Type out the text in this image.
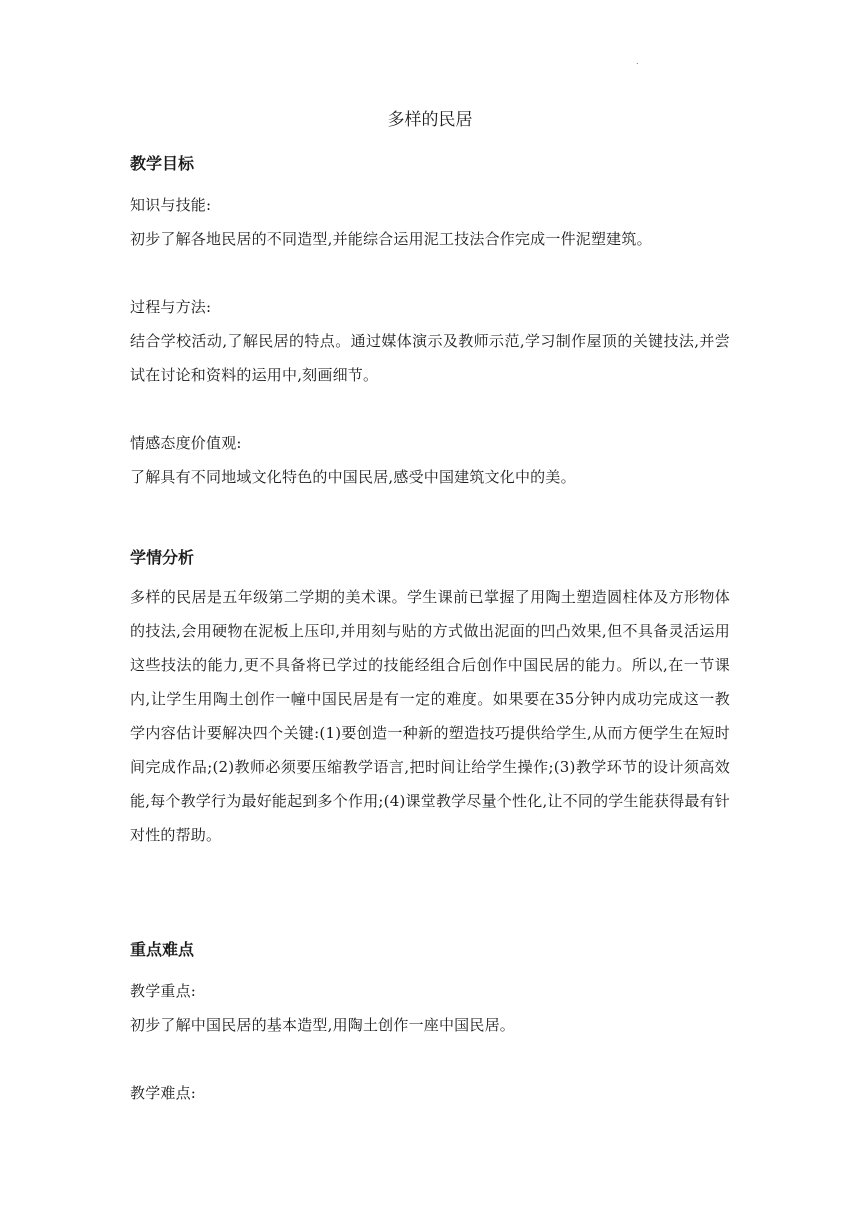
.
多样的民居
教学目标

知识与技能:

初步了解各地民居的不同造型,并能综合运用泥工技法合作完成一件泥塑建筑。

过程与方法:

结合学校活动,了解民居的特点。通过媒体演示及教师示范,学习制作屋顶的关键技法,并尝试在讨论和资料的运用中,刻画细节。

情感态度价值观:

了解具有不同地域文化特色的中国民居,感受中国建筑文化中的美。

学情分析

多样的民居是五年级第二学期的美术课。学生课前已掌握了用陶土塑造圆柱体及方形物体的技法,会用硬物在泥板上压印,并用刻与贴的方式做出泥面的凹凸效果,但不具备灵活运用这些技法的能力,更不具备将已学过的技能经组合后创作中国民居的能力。所以,在一节课内,让学生用陶土创作一幢中国民居是有一定的难度。如果要在35分钟内成功完成这一教学内容估计要解决四个关键:(1)要创造一种新的塑造技巧提供给学生,从而方便学生在短时间完成作品;(2)教师必须要压缩教学语言,把时间让给学生操作;(3)教学环节的设计须高效能,每个教学行为最好能起到多个作用;(4)课堂教学尽量个性化,让不同的学生能获得最有针对性的帮助。

重点难点

教学重点:

初步了解中国民居的基本造型,用陶土创作一座中国民居。

教学难点:
